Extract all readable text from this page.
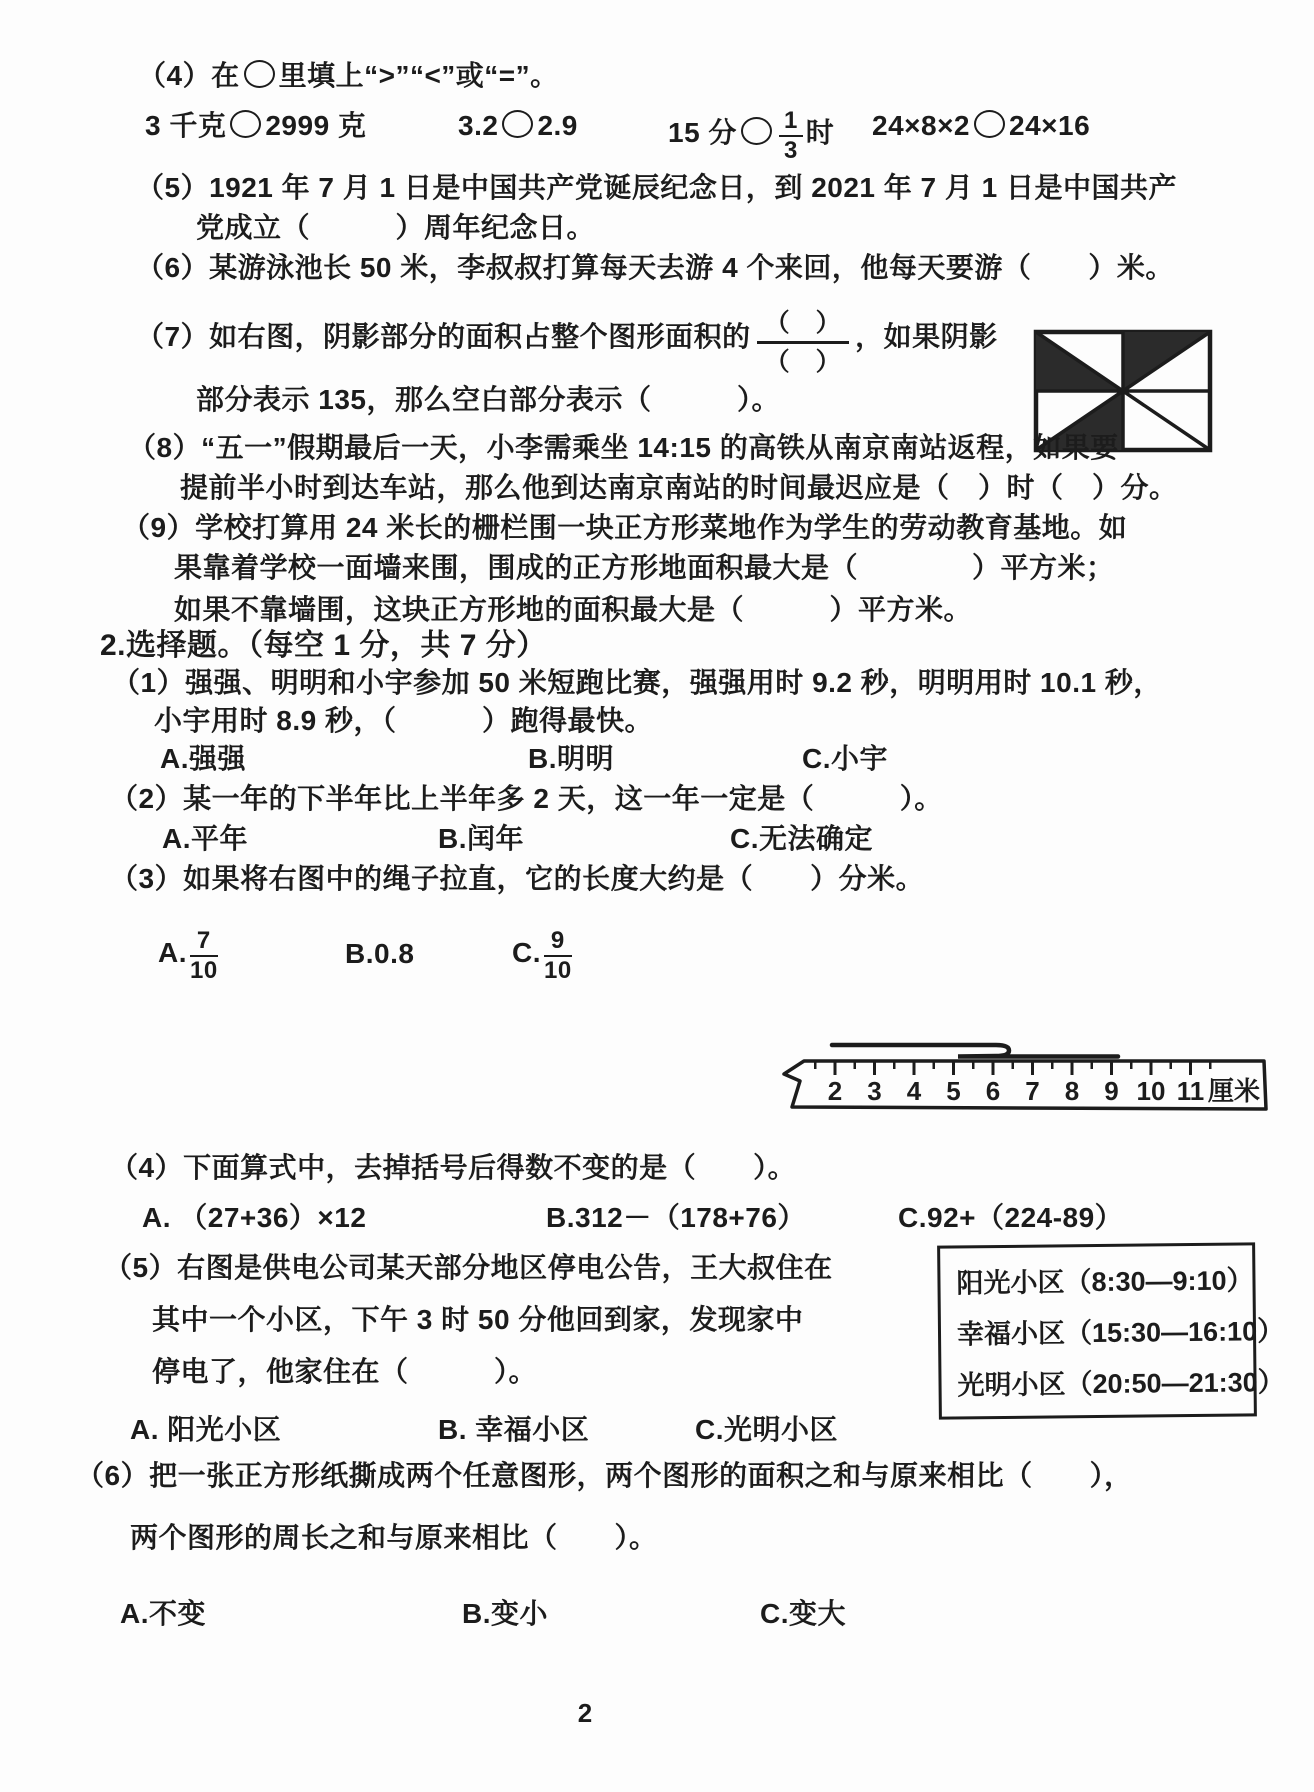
（4）在 里填上“>”“<”或“=”。
3 千克 2999 克	3.2 2.9	15 分 $\frac{1}{3}$ 时 24×8×2 24×16
（5）1921 年 7 月 1 日是中国共产党诞辰纪念日，到 2021 年 7 月 1 日是中国共产
党成立（　　　）周年纪念日。
（6）某游泳池长 50 米，李叔叔打算每天去游 4 个来回，他每天要游（　　）米。
（7）如右图，阴影部分的面积占整个图形面积的 （　）
（　）
，如果阴影
部分表示 135，那么空白部分表示（　　　）。
（8）“五一”假期最后一天，小李需乘坐 14:15 的高铁从南京南站返程，如果要
提前半小时到达车站，那么他到达南京南站的时间最迟应是（　）时（　）分。
（9）学校打算用 24 米长的栅栏围一块正方形菜地作为学生的劳动教育基地。如
果靠着学校一面墙来围，围成的正方形地面积最大是（　　　　）平方米；
如果不靠墙围，这块正方形地的面积最大是（　　　）平方米。
2.选择题。（每空 1 分，共 7 分）
（1）强强、明明和小宇参加 50 米短跑比赛，强强用时 9.2 秒，明明用时 10.1 秒，
小宇用时 8.9 秒，（　　　）跑得最快。
A.强强	B.明明	C.小宇
（2）某一年的下半年比上半年多 2 天，这一年一定是（　　　）。
A.平年	B.闰年	C.无法确定
（3）如果将右图中的绳子拉直，它的长度大约是（　　）分米。
A. $\frac{7}{10}$	B.0.8	C. $\frac{9}{10}$
2 3 4 5 6 7 8 9 10 11 厘米
（4）下面算式中，去掉括号后得数不变的是（　　）。
A. （27+36）×12	B.312－（178+76）	C.92+（224-89）
（5）右图是供电公司某天部分地区停电公告，王大叔住在
其中一个小区，下午 3 时 50 分他回到家，发现家中
停电了，他家住在（　　　）。
A. 阳光小区	B. 幸福小区	C.光明小区
阳光小区（8:30—9:10）
幸福小区（15:30—16:10）
光明小区（20:50—21:30）
（6）把一张正方形纸撕成两个任意图形，两个图形的面积之和与原来相比（　　），
两个图形的周长之和与原来相比（　　）。
A.不变	B.变小	C.变大
2
